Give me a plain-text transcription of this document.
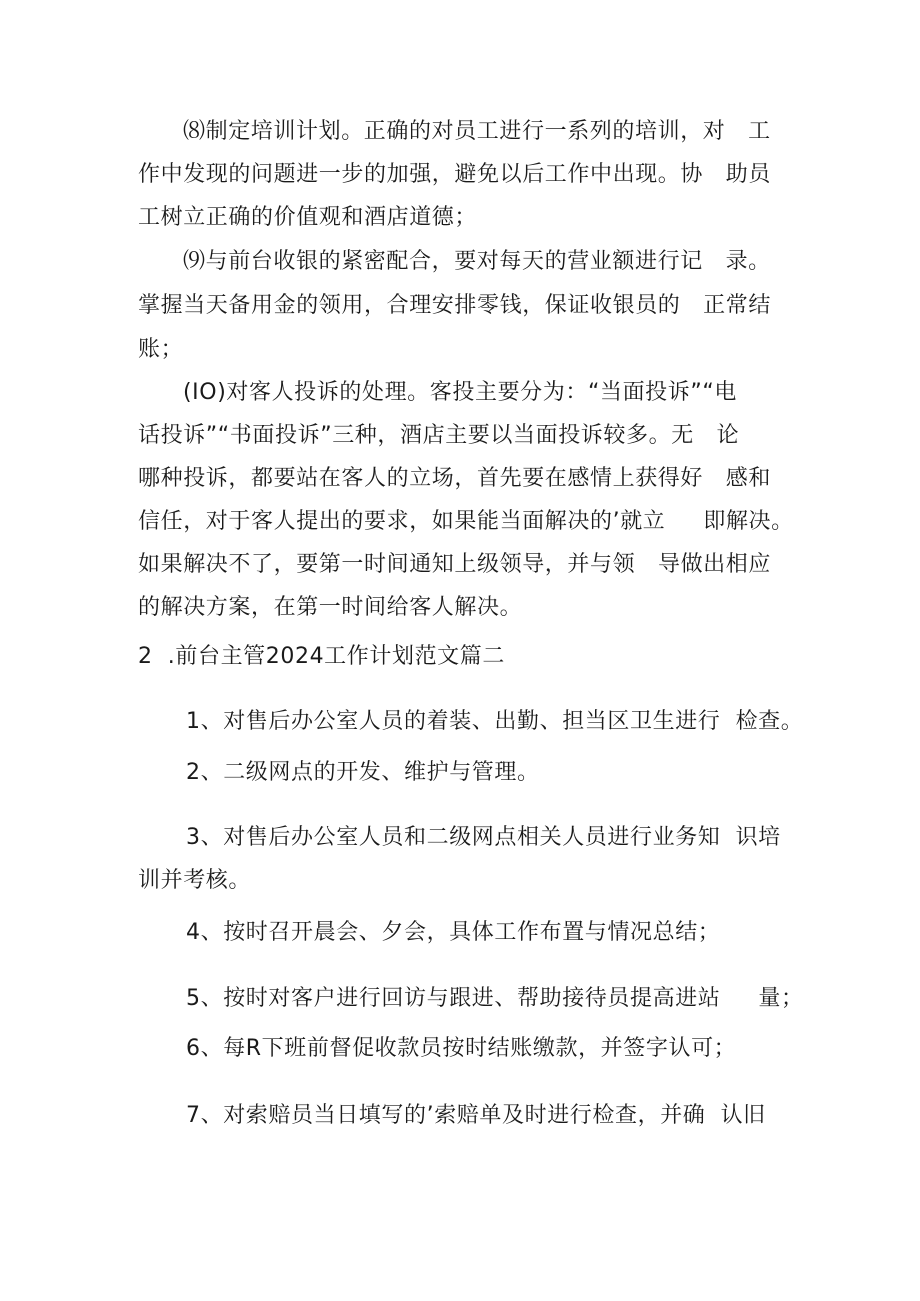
⑻制定培训计划。正确的对员工进行一系列的培训，对   工
作中发现的问题进一步的加强，避免以后工作中出现。协   助员
工树立正确的价值观和酒店道德；
⑼与前台收银的紧密配合，要对每天的营业额进行记   录。
掌握当天备用金的领用，合理安排零钱，保证收银员的   正常结
账；
(IO)对客人投诉的处理。客投主要分为：“当面投诉”“电
话投诉”“书面投诉”三种，酒店主要以当面投诉较多。无   论
哪种投诉，都要站在客人的立场，首先要在感情上获得好   感和
信任，对于客人提出的要求，如果能当面解决的’就立     即解决。
如果解决不了，要第一时间通知上级领导，并与领   导做出相应
的解决方案，在第一时间给客人解决。
2  .前台主管2024工作计划范文篇二
1、对售后办公室人员的着装、出勤、担当区卫生进行  检查。
2、二级网点的开发、维护与管理。
3、对售后办公室人员和二级网点相关人员进行业务知  识培
训并考核。
4、按时召开晨会、夕会，具体工作布置与情况总结；
5、按时对客户进行回访与跟进、帮助接待员提高进站     量；
6、每R下班前督促收款员按时结账缴款，并签字认可；
7、对索赔员当日填写的’索赔单及时进行检查，并确  认旧
